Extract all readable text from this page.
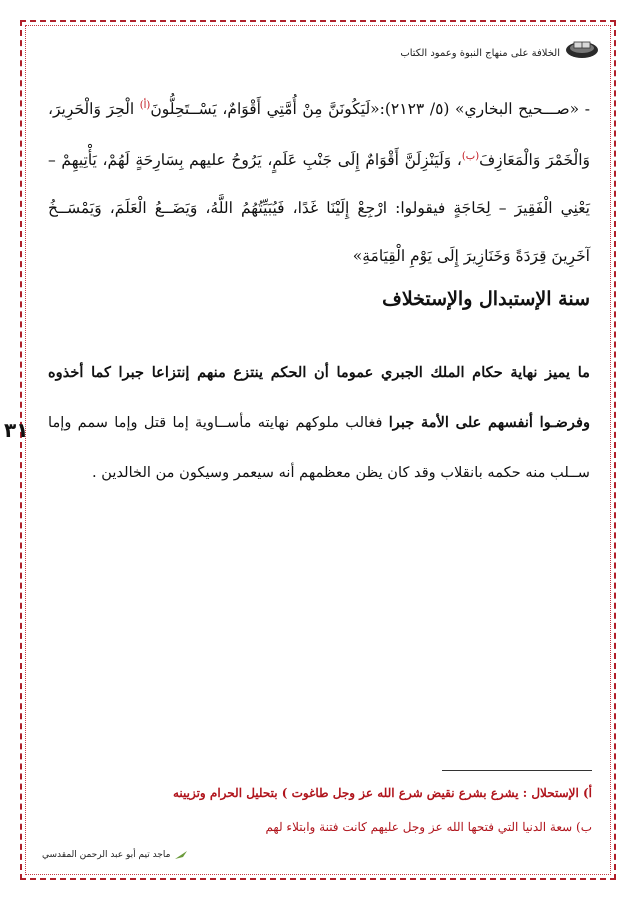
الخلافة على منهاج النبوة وعمود الكتاب
- «صـــحيح البخاري» (٥/ ٢١٢٣):«لَيَكُونَنَّ مِنْ أُمَّتِي أَقْوَامٌ، يَسْــتَحِلُّونَ$^{(أ)}$ الْحِرَ وَالْحَرِيرَ، وَالْخَمْرَ وَالْمَعَازِفَ$^{(ب)}$، وَلَيَنْزِلَنَّ أَقْوَامٌ إِلَى جَنْبِ عَلَمٍ، يَرُوحُ عليهم بِسَارِحَةٍ لَهُمْ، يَأْتِيهِمْ – يَعْنِي الْفَقِيرَ – لِحَاجَةٍ فيقولوا: ارْجِعْ إِلَيْنَا غَدًا، فَيُبَيِّتُهُمُ اللَّهُ، وَيَضَــعُ الْعَلَمَ، وَيَمْسَــخُ آخَرِينَ قِرَدَةً وَخَنَازِيرَ إِلَى يَوْمِ الْقِيَامَةِ»
سنة الإستبدال والإستخلاف
ما يميز نهاية حكام الملك الجبري عموما أن الحكم ينتزع منهم إنتزاعا جبرا كما أخذوه وفرضـوا أنفسهم على الأمة جبرا فغالب ملوكهم نهايته مأســاوية إما قتل وإما سمم وإما ســلب منه حكمه بانقلاب وقد كان يظن معظمهم أنه سيعمر وسيكون من الخالدين .
٣١
أ) الإستحلال : يشرع بشرع نقيض شرع الله عز وجل طاغوت ) بتحليل الحرام وتزيينه
ب) سعة الدنيا التي فتحها الله عز وجل عليهم كانت فتنة وابتلاء لهم
ماجد تيم أبو عبد الرحمن المقدسي
